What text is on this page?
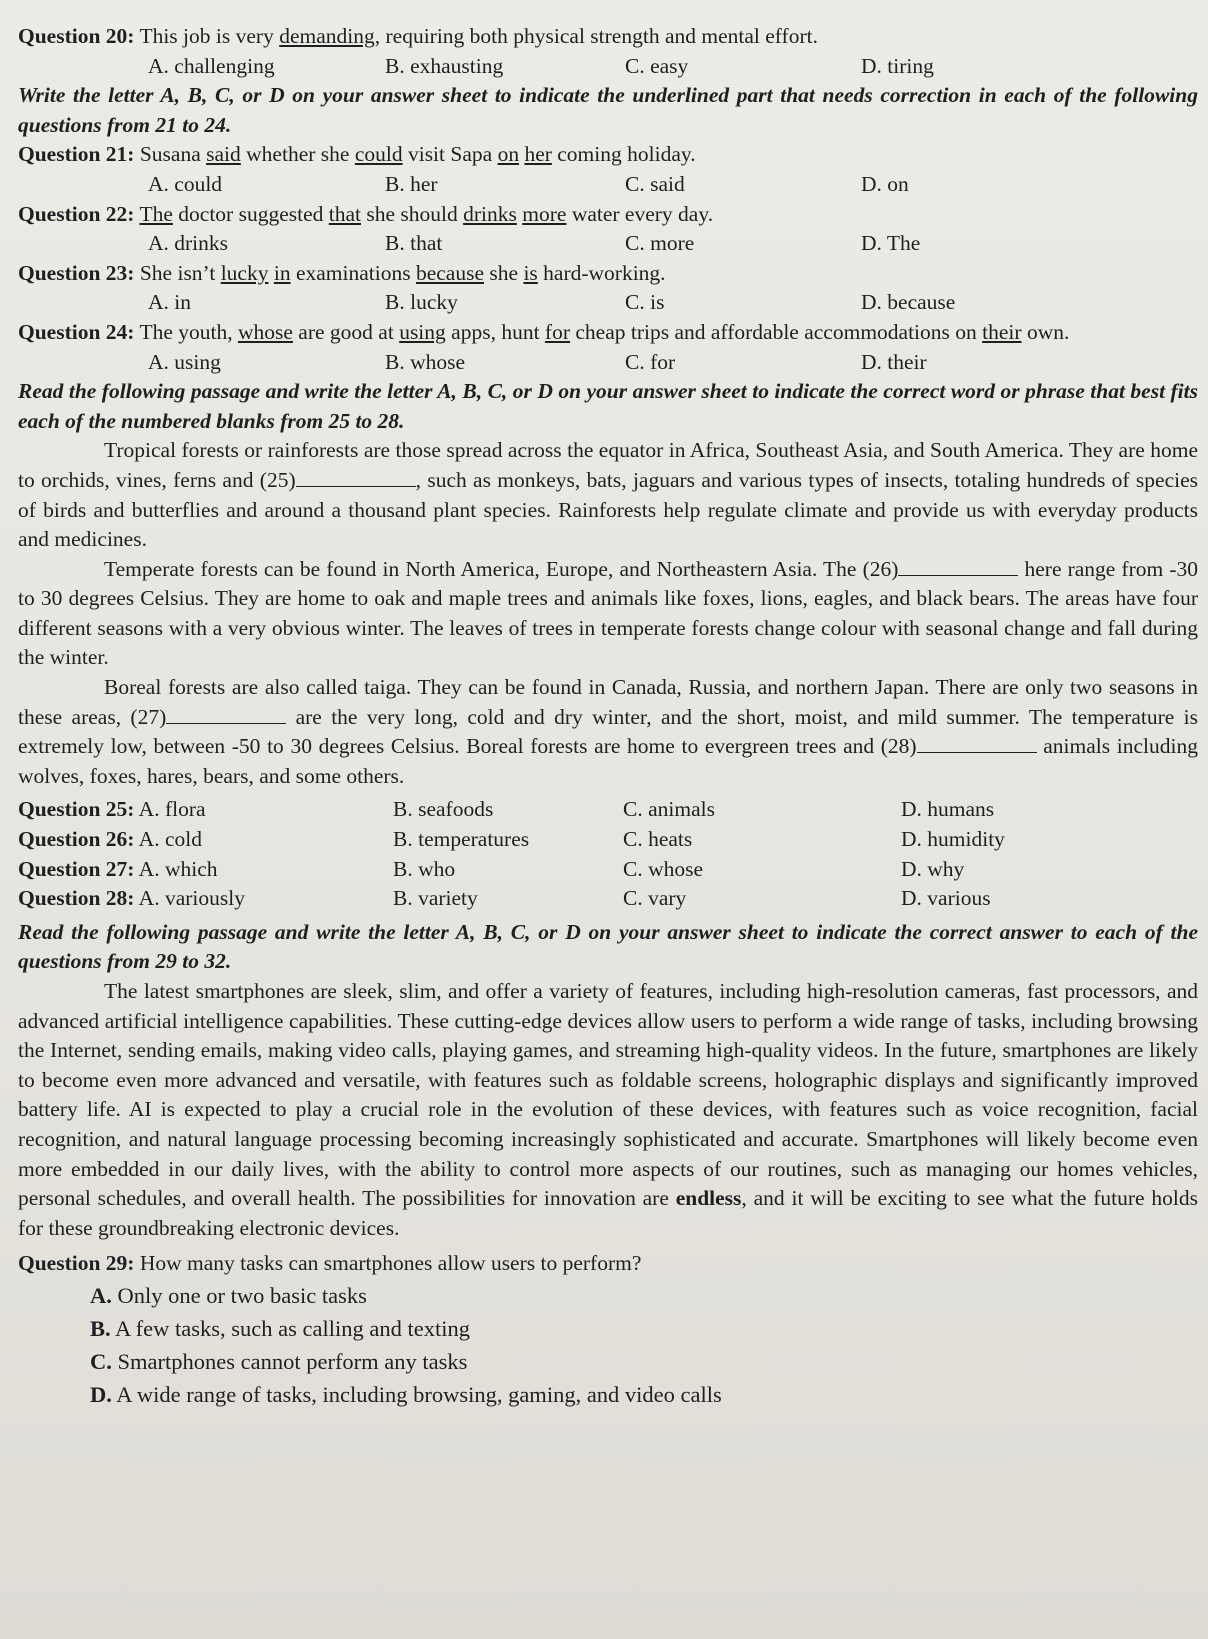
Question 20: This job is very demanding, requiring both physical strength and mental effort.

A. challenging	B. exhausting	C. easy	D. tiring

Write the letter A, B, C, or D on your answer sheet to indicate the underlined part that needs correction in each of the following questions from 21 to 24.

Question 21: Susana said whether she could visit Sapa on her coming holiday.

A. could	B. her	C. said	D. on

Question 22: The doctor suggested that she should drinks more water every day.

A. drinks	B. that	C. more	D. The

Question 23: She isn’t lucky in examinations because she is hard-working.

A. in	B. lucky	C. is	D. because

Question 24: The youth, whose are good at using apps, hunt for cheap trips and affordable accommodations on their own.

A. using	B. whose	C. for	D. their

Read the following passage and write the letter A, B, C, or D on your answer sheet to indicate the correct word or phrase that best fits each of the numbered blanks from 25 to 28.

Tropical forests or rainforests are those spread across the equator in Africa, Southeast Asia, and South America. They are home to orchids, vines, ferns and (25)	, such as monkeys, bats, jaguars and various types of insects, totaling hundreds of species of birds and butterflies and around a thousand plant species. Rainforests help regulate climate and provide us with everyday products and medicines.

Temperate forests can be found in North America, Europe, and Northeastern Asia. The (26)	here range from -30 to 30 degrees Celsius. They are home to oak and maple trees and animals like foxes, lions, eagles, and black bears. The areas have four different seasons with a very obvious winter. The leaves of trees in temperate forests change colour with seasonal change and fall during the winter.

Boreal forests are also called taiga. They can be found in Canada, Russia, and northern Japan. There are only two seasons in these areas, (27)	are the very long, cold and dry winter, and the short, moist, and mild summer. The temperature is extremely low, between -50 to 30 degrees Celsius. Boreal forests are home to evergreen trees and (28)	animals including wolves, foxes, hares, bears, and some others.

Question 25: A. flora	B. seafoods	C. animals	D. humans
Question 26: A. cold	B. temperatures	C. heats	D. humidity
Question 27: A. which	B. who	C. whose	D. why
Question 28: A. variously	B. variety	C. vary	D. various

Read the following passage and write the letter A, B, C, or D on your answer sheet to indicate the correct answer to each of the questions from 29 to 32.

The latest smartphones are sleek, slim, and offer a variety of features, including high-resolution cameras, fast processors, and advanced artificial intelligence capabilities. These cutting-edge devices allow users to perform a wide range of tasks, including browsing the Internet, sending emails, making video calls, playing games, and streaming high-quality videos. In the future, smartphones are likely to become even more advanced and versatile, with features such as foldable screens, holographic displays and significantly improved battery life. AI is expected to play a crucial role in the evolution of these devices, with features such as voice recognition, facial recognition, and natural language processing becoming increasingly sophisticated and accurate. Smartphones will likely become even more embedded in our daily lives, with the ability to control more aspects of our routines, such as managing our homes vehicles, personal schedules, and overall health. The possibilities for innovation are endless, and it will be exciting to see what the future holds for these groundbreaking electronic devices.

Question 29: How many tasks can smartphones allow users to perform?

A. Only one or two basic tasks
B. A few tasks, such as calling and texting
C. Smartphones cannot perform any tasks
D. A wide range of tasks, including browsing, gaming, and video calls
